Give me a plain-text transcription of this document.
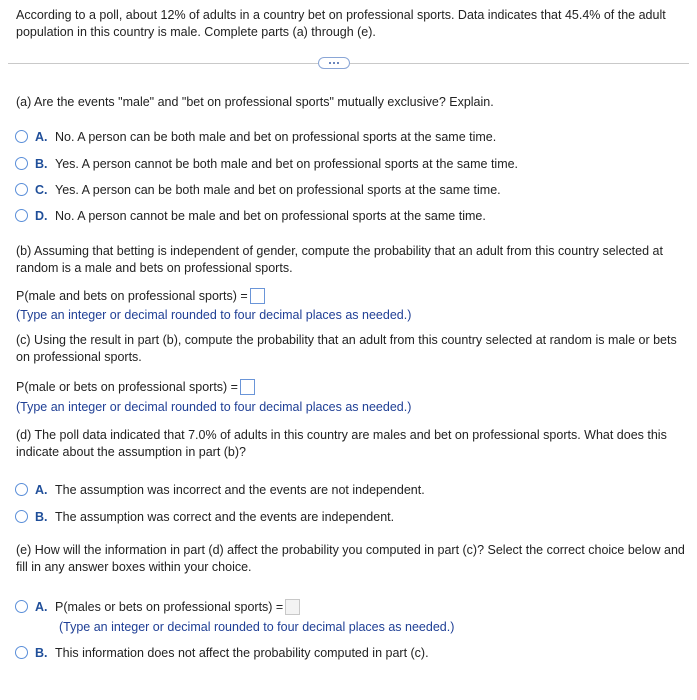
According to a poll, about 12% of adults in a country bet on professional sports. Data indicates that 45.4% of the adult population in this country is male. Complete parts (a) through (e).
(a) Are the events "male" and "bet on professional sports" mutually exclusive? Explain.
A. No. A person can be both male and bet on professional sports at the same time.
B. Yes. A person cannot be both male and bet on professional sports at the same time.
C. Yes. A person can be both male and bet on professional sports at the same time.
D. No. A person cannot be male and bet on professional sports at the same time.
(b) Assuming that betting is independent of gender, compute the probability that an adult from this country selected at random is a male and bets on professional sports.
P(male and bets on professional sports) =
(Type an integer or decimal rounded to four decimal places as needed.)
(c) Using the result in part (b), compute the probability that an adult from this country selected at random is male or bets on professional sports.
P(male or bets on professional sports) =
(Type an integer or decimal rounded to four decimal places as needed.)
(d) The poll data indicated that 7.0% of adults in this country are males and bet on professional sports. What does this indicate about the assumption in part (b)?
A. The assumption was incorrect and the events are not independent.
B. The assumption was correct and the events are independent.
(e) How will the information in part (d) affect the probability you computed in part (c)? Select the correct choice below and fill in any answer boxes within your choice.
A. P(males or bets on professional sports) =
(Type an integer or decimal rounded to four decimal places as needed.)
B. This information does not affect the probability computed in part (c).
